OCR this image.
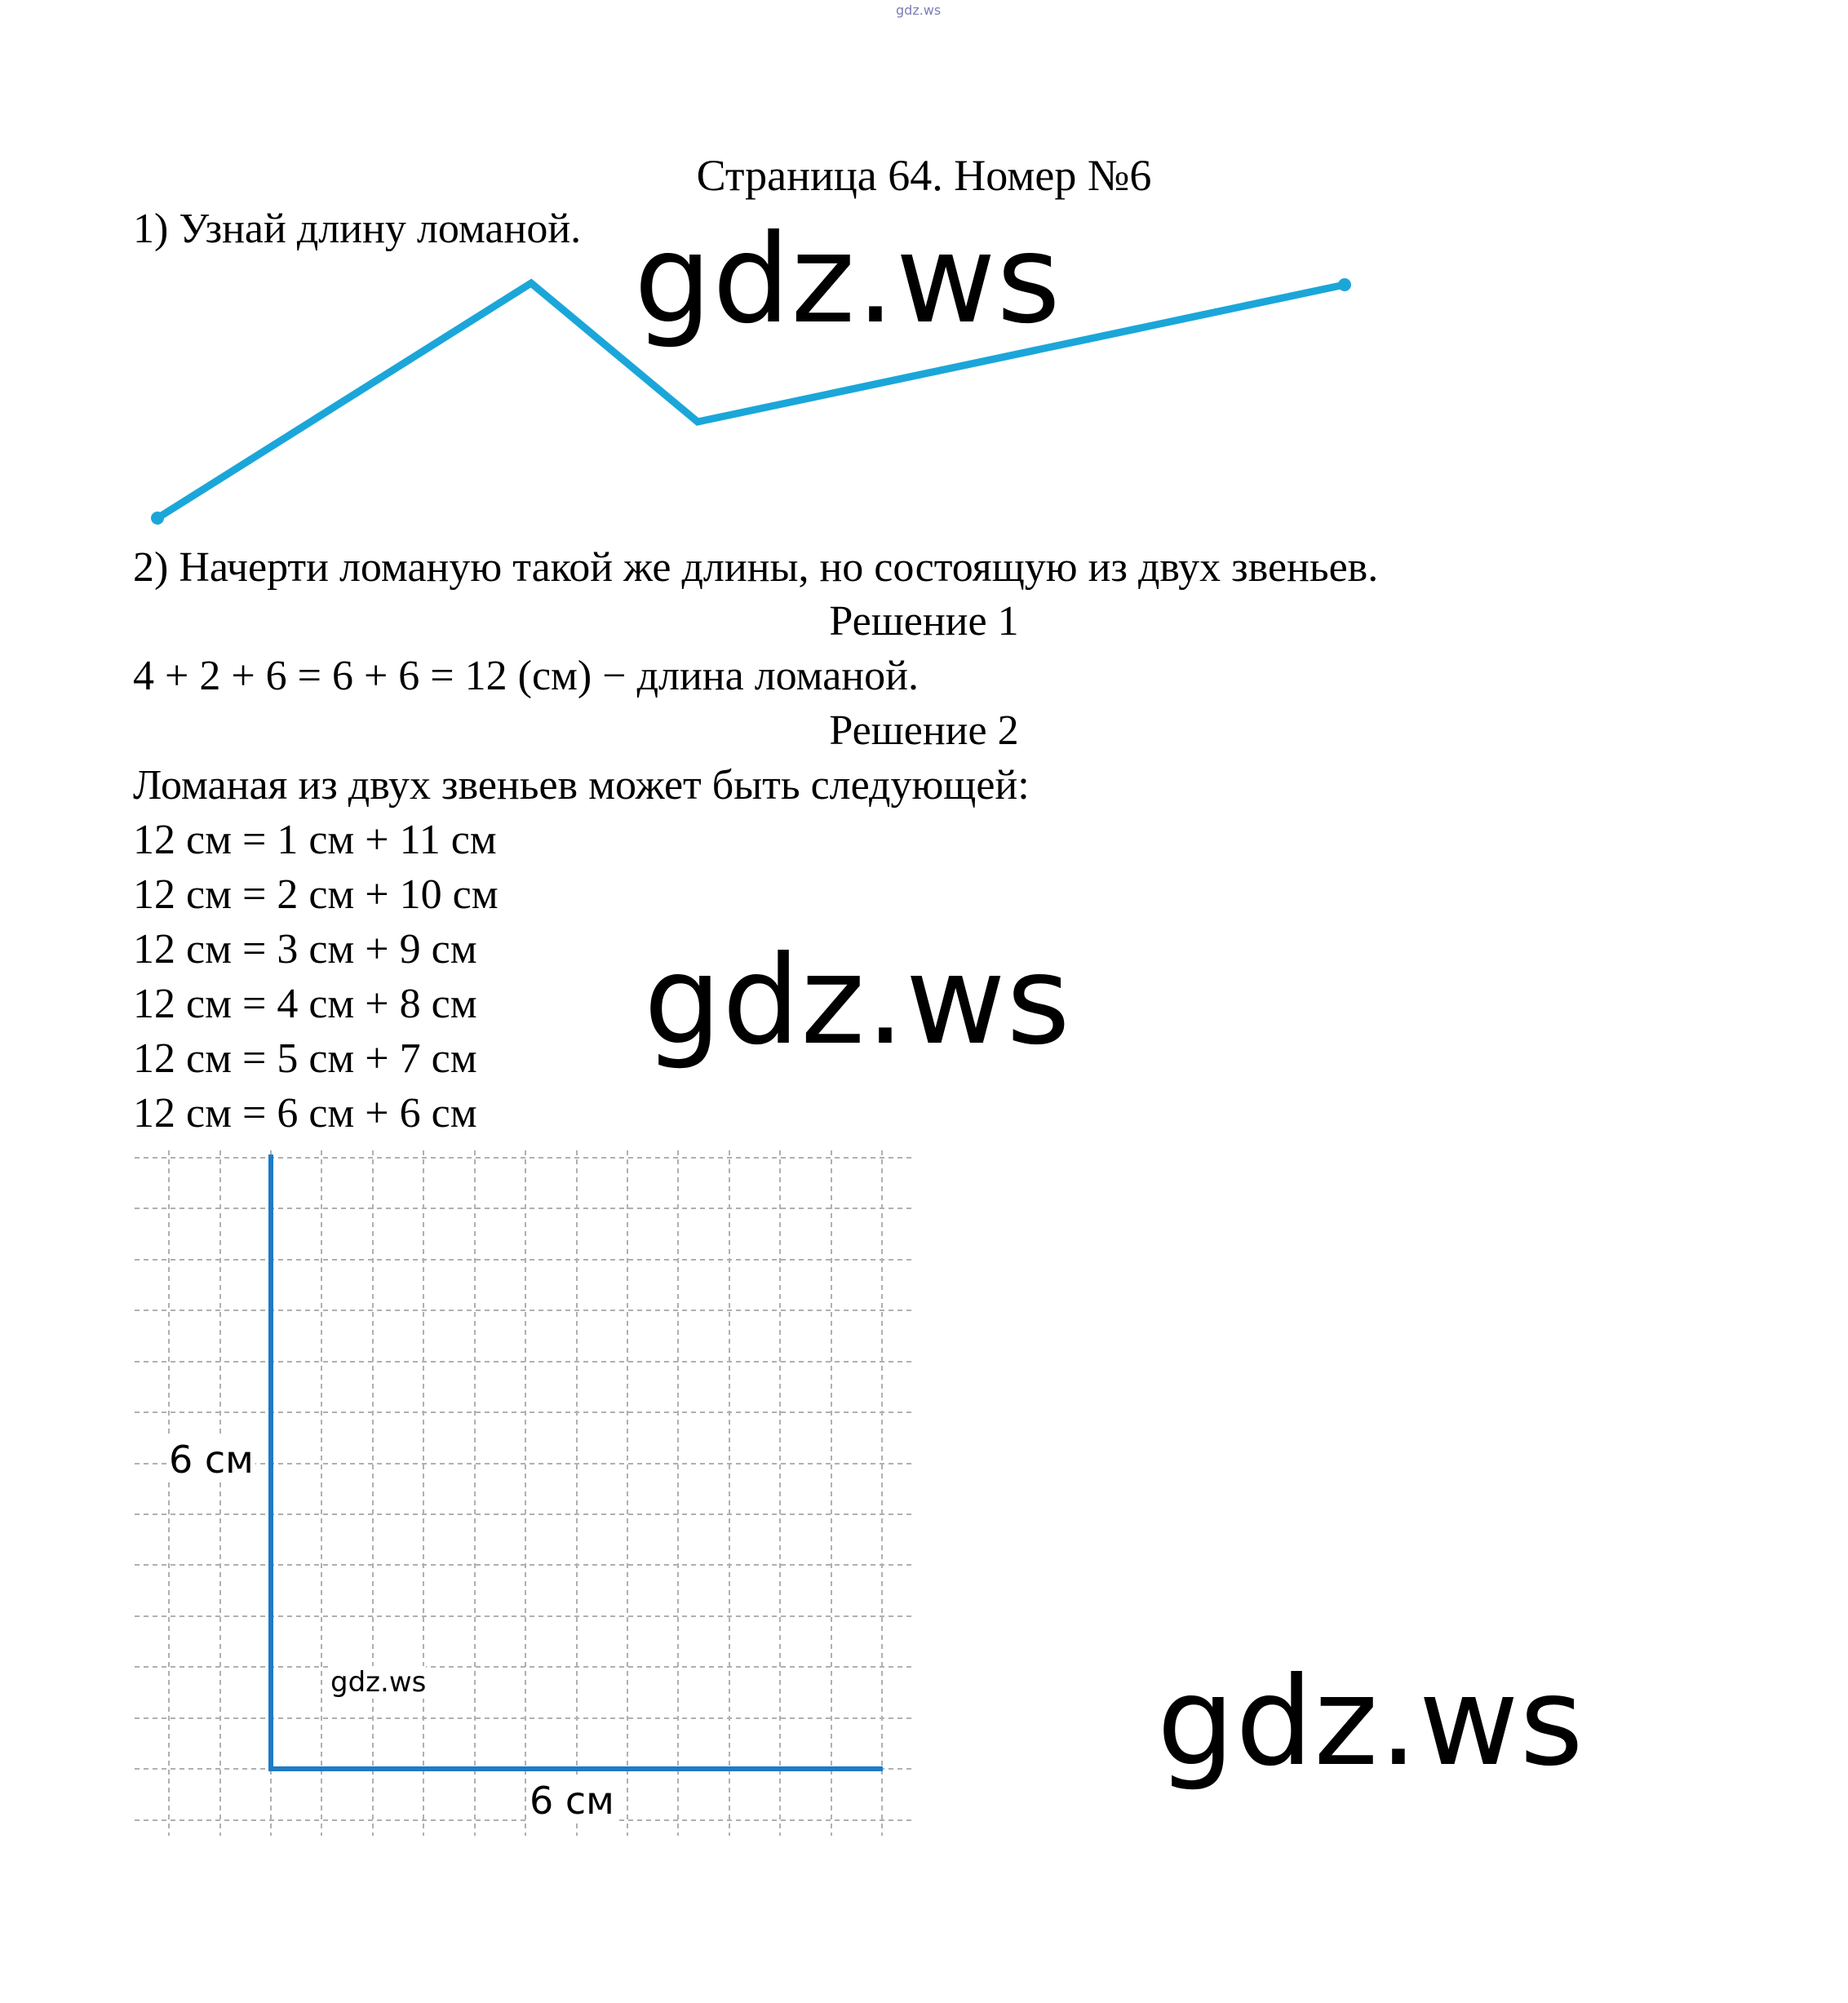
gdz.ws
Страница 64. Номер №6
1) Узнай длину ломаной. gdz.ws
2) Начерти ломаную такой же длины, но состоящую из двух звеньев.
Решение 1
4 + 2 + 6 = 6 + 6 = 12 (см) − длина ломаной.
Решение 2
Ломаная из двух звеньев может быть следующей:
12 см = 1 см + 11 см
12 см = 2 см + 10 см
12 см = 3 см + 9 см
12 см = 4 см + 8 см
12 см = 5 см + 7 см
12 см = 6 см + 6 см
gdz.ws
6 см
6 см
gdz.ws	gdz.ws
